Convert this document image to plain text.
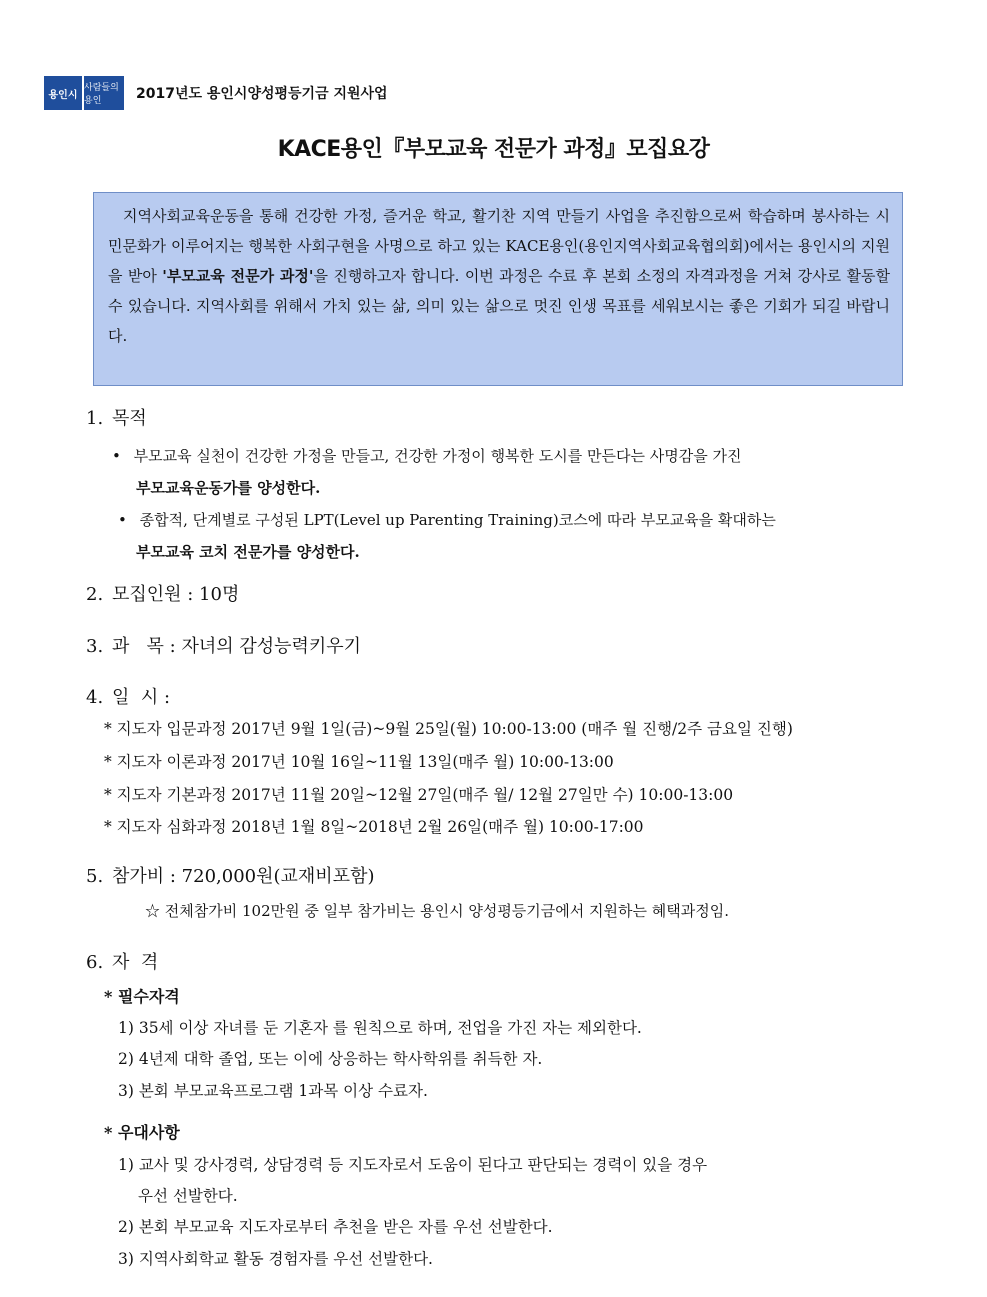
용인시
사람들의 용인	2017년도 용인시양성평등기금 지원사업
KACE용인『부모교육 전문가 과정』모집요강

지역사회교육운동을 통해 건강한 가정, 즐거운 학교, 활기찬 지역 만들기 사업을 추진함으로써 학습하며 봉사하는 시민문화가 이루어지는 행복한 사회구현을 사명으로 하고 있는 KACE용인(용인지역사회교육협의회)에서는 용인시의 지원을 받아 '부모교육 전문가 과정'을 진행하고자 합니다. 이번 과정은 수료 후 본회 소정의 자격과정을 거쳐 강사로 활동할 수 있습니다. 지역사회를 위해서 가치 있는 삶, 의미 있는 삶으로 멋진 인생 목표를 세워보시는 좋은 기회가 되길 바랍니다.

1. 목적
• 부모교육 실천이 건강한 가정을 만들고, 건강한 가정이 행복한 도시를 만든다는 사명감을 가진
부모교육운동가를 양성한다.
• 종합적, 단계별로 구성된 LPT(Level up Parenting Training)코스에 따라 부모교육을 확대하는
부모교육 코치 전문가를 양성한다.
2. 모집인원 : 10명
3. 과   목 : 자녀의 감성능력키우기
4. 일  시 :
* 지도자 입문과정 2017년 9월 1일(금)~9월 25일(월) 10:00-13:00 (매주 월 진행/2주 금요일 진행)
* 지도자 이론과정 2017년 10월 16일~11월 13일(매주 월) 10:00-13:00
* 지도자 기본과정 2017년 11월 20일~12월 27일(매주 월/ 12월 27일만 수) 10:00-13:00
* 지도자 심화과정 2018년 1월 8일~2018년 2월 26일(매주 월) 10:00-17:00
5. 참가비 : 720,000원(교재비포함)
☆ 전체참가비 102만원 중 일부 참가비는 용인시 양성평등기금에서 지원하는 혜택과정임.
6. 자  격
* 필수자격
1) 35세 이상 자녀를 둔 기혼자 를 원칙으로 하며, 전업을 가진 자는 제외한다.
2) 4년제 대학 졸업, 또는 이에 상응하는 학사학위를 취득한 자.
3) 본회 부모교육프로그램 1과목 이상 수료자.
* 우대사항
1) 교사 및 강사경력, 상담경력 등 지도자로서 도움이 된다고 판단되는 경력이 있을 경우
우선 선발한다.
2) 본회 부모교육 지도자로부터 추천을 받은 자를 우선 선발한다.
3) 지역사회학교 활동 경험자를 우선 선발한다.
